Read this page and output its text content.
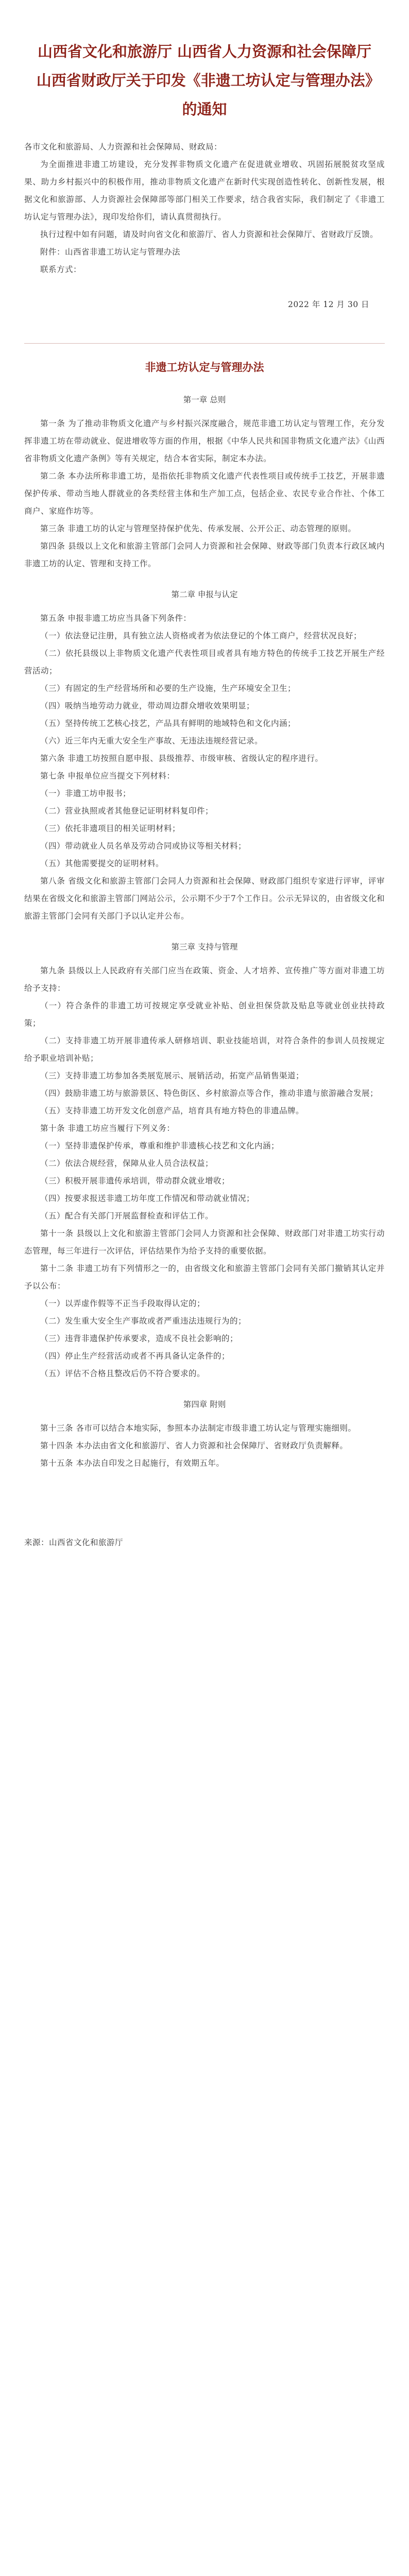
山西省文化和旅游厅 山西省人力资源和社会保障厅 山西省财政厅关于印发《非遗工坊认定与管理办法》的通知

各市文化和旅游局、人力资源和社会保障局、财政局：

为全面推进非遗工坊建设，充分发挥非物质文化遗产在促进就业增收、巩固拓展脱贫攻坚成果、助力乡村振兴中的积极作用，推动非物质文化遗产在新时代实现创造性转化、创新性发展，根据文化和旅游部、人力资源社会保障部等部门相关工作要求，结合我省实际，我们制定了《非遗工坊认定与管理办法》，现印发给你们，请认真贯彻执行。

执行过程中如有问题，请及时向省文化和旅游厅、省人力资源和社会保障厅、省财政厅反馈。

附件：山西省非遗工坊认定与管理办法

联系方式：

2022 年 12 月 30 日

非遗工坊认定与管理办法
第一章 总则

第一条 为了推动非物质文化遗产与乡村振兴深度融合，规范非遗工坊认定与管理工作，充分发挥非遗工坊在带动就业、促进增收等方面的作用，根据《中华人民共和国非物质文化遗产法》《山西省非物质文化遗产条例》等有关规定，结合本省实际，制定本办法。

第二条 本办法所称非遗工坊，是指依托非物质文化遗产代表性项目或传统手工技艺，开展非遗保护传承、带动当地人群就业的各类经营主体和生产加工点，包括企业、农民专业合作社、个体工商户、家庭作坊等。

第三条 非遗工坊的认定与管理坚持保护优先、传承发展、公开公正、动态管理的原则。

第四条 县级以上文化和旅游主管部门会同人力资源和社会保障、财政等部门负责本行政区域内非遗工坊的认定、管理和支持工作。

第二章 申报与认定

第五条 申报非遗工坊应当具备下列条件：

（一）依法登记注册，具有独立法人资格或者为依法登记的个体工商户，经营状况良好；

（二）依托县级以上非物质文化遗产代表性项目或者具有地方特色的传统手工技艺开展生产经营活动；

（三）有固定的生产经营场所和必要的生产设施，生产环境安全卫生；

（四）吸纳当地劳动力就业，带动周边群众增收效果明显；

（五）坚持传统工艺核心技艺，产品具有鲜明的地域特色和文化内涵；

（六）近三年内无重大安全生产事故、无违法违规经营记录。

第六条 非遗工坊按照自愿申报、县级推荐、市级审核、省级认定的程序进行。

第七条 申报单位应当提交下列材料：

（一）非遗工坊申报书；

（二）营业执照或者其他登记证明材料复印件；

（三）依托非遗项目的相关证明材料；

（四）带动就业人员名单及劳动合同或协议等相关材料；

（五）其他需要提交的证明材料。

第八条 省级文化和旅游主管部门会同人力资源和社会保障、财政部门组织专家进行评审，评审结果在省级文化和旅游主管部门网站公示，公示期不少于7个工作日。公示无异议的，由省级文化和旅游主管部门会同有关部门予以认定并公布。

第三章 支持与管理

第九条 县级以上人民政府有关部门应当在政策、资金、人才培养、宣传推广等方面对非遗工坊给予支持：

（一）符合条件的非遗工坊可按规定享受就业补贴、创业担保贷款及贴息等就业创业扶持政策；

（二）支持非遗工坊开展非遗传承人研修培训、职业技能培训，对符合条件的参训人员按规定给予职业培训补贴；

（三）支持非遗工坊参加各类展览展示、展销活动，拓宽产品销售渠道；

（四）鼓励非遗工坊与旅游景区、特色街区、乡村旅游点等合作，推动非遗与旅游融合发展；

（五）支持非遗工坊开发文化创意产品，培育具有地方特色的非遗品牌。

第十条 非遗工坊应当履行下列义务：

（一）坚持非遗保护传承，尊重和维护非遗核心技艺和文化内涵；

（二）依法合规经营，保障从业人员合法权益；

（三）积极开展非遗传承培训，带动群众就业增收；

（四）按要求报送非遗工坊年度工作情况和带动就业情况；

（五）配合有关部门开展监督检查和评估工作。

第十一条 县级以上文化和旅游主管部门会同人力资源和社会保障、财政部门对非遗工坊实行动态管理，每三年进行一次评估，评估结果作为给予支持的重要依据。

第十二条 非遗工坊有下列情形之一的，由省级文化和旅游主管部门会同有关部门撤销其认定并予以公布：

（一）以弄虚作假等不正当手段取得认定的；

（二）发生重大安全生产事故或者严重违法违规行为的；

（三）违背非遗保护传承要求，造成不良社会影响的；

（四）停止生产经营活动或者不再具备认定条件的；

（五）评估不合格且整改后仍不符合要求的。

第四章 附则

第十三条 各市可以结合本地实际，参照本办法制定市级非遗工坊认定与管理实施细则。

第十四条 本办法由省文化和旅游厅、省人力资源和社会保障厅、省财政厅负责解释。

第十五条 本办法自印发之日起施行，有效期五年。

来源：山西省文化和旅游厅
